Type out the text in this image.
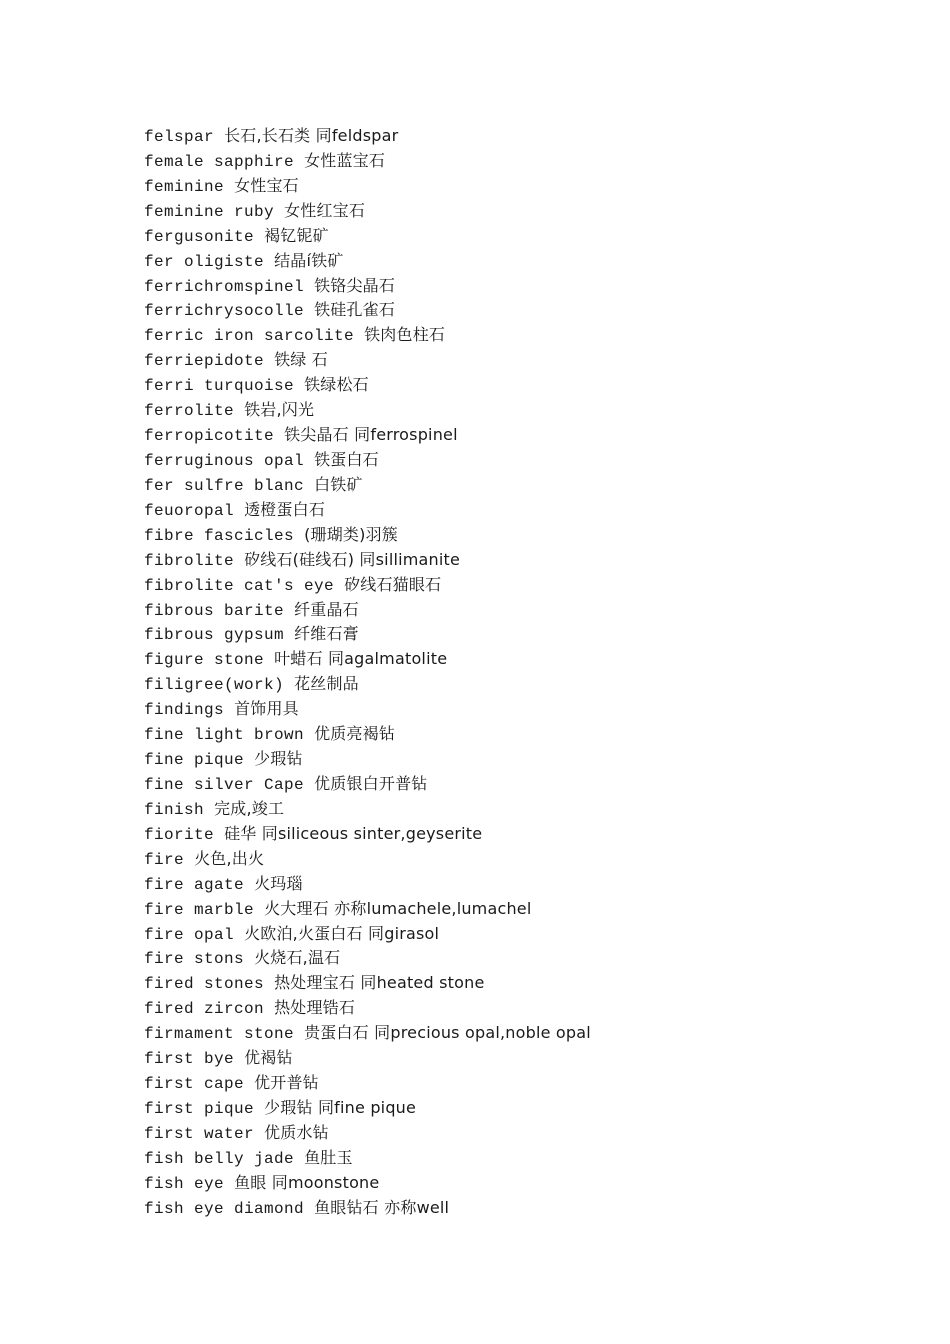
felspar 长石,长石类 同feldspar
female sapphire 女性蓝宝石
feminine 女性宝石
feminine ruby 女性红宝石
fergusonite 褐钇铌矿
fer oligiste 结晶í铁矿
ferrichromspinel 铁铬尖晶石
ferrichrysocolle 铁硅孔雀石
ferric iron sarcolite 铁肉色柱石
ferriepidote 铁绿 石
ferri turquoise 铁绿松石
ferrolite 铁岩,闪光
ferropicotite 铁尖晶石 同ferrospinel
ferruginous opal 铁蛋白石
fer sulfre blanc 白铁矿
feuoropal 透橙蛋白石
fibre fascicles (珊瑚类)羽簇
fibrolite 矽线石(硅线石) 同sillimanite
fibrolite cat's eye 矽线石猫眼石
fibrous barite 纤重晶石
fibrous gypsum 纤维石膏
figure stone 叶蜡石 同agalmatolite
filigree(work) 花丝制品
findings 首饰用具
fine light brown 优质亮褐钻
fine pique 少瑕钻
fine silver Cape 优质银白开普钻
finish 完成,竣工
fiorite 硅华 同siliceous sinter,geyserite
fire 火色,出火
fire agate 火玛瑙
fire marble 火大理石 亦称lumachele,lumachel
fire opal 火欧泊,火蛋白石 同girasol
fire stons 火烧石,温石
fired stones 热处理宝石 同heated stone
fired zircon 热处理锆石
firmament stone 贵蛋白石 同precious opal,noble opal
first bye 优褐钻
first cape 优开普钻
first pique 少瑕钻 同fine pique
first water 优质水钻
fish belly jade 鱼肚玉
fish eye 鱼眼 同moonstone
fish eye diamond 鱼眼钻石 亦称well
